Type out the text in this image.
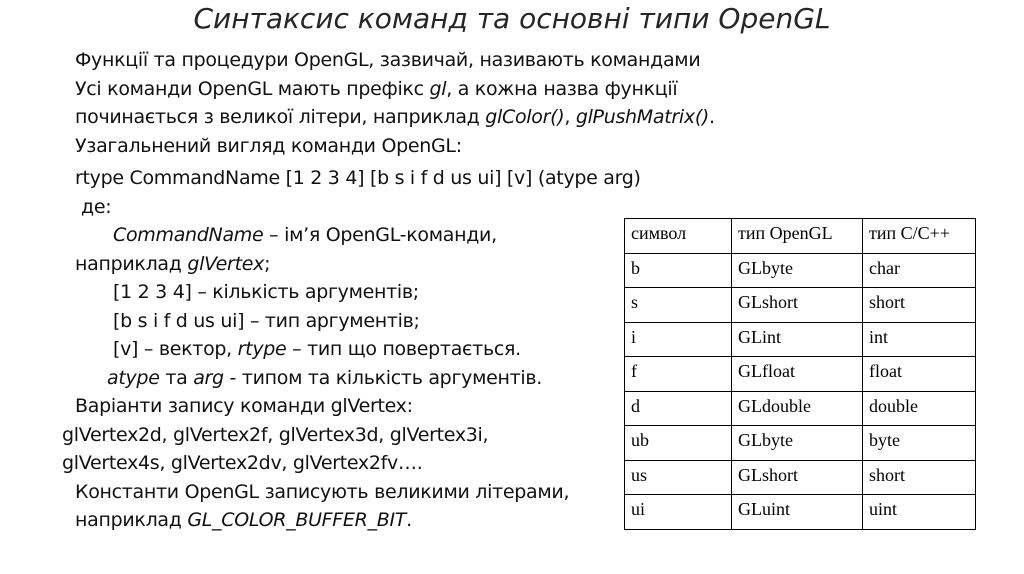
Синтаксис команд та основні типи OpenGL
Функції та процедури OpenGL, зазвичай, називають командами
Усі команди OpenGL мають префікс gl, а кожна назва функції
починається з великої літери, наприклад glColor(), glPushMatrix().
Узагальнений вигляд команди OpenGL:
rtype CommandName [1 2 3 4] [b s i f d us ui] [v] (atype arg)
де:
CommandName – ім’я OpenGL-команди,
наприклад glVertex;
[1 2 3 4] – кількість аргументів;
[b s i f d us ui] – тип аргументів;
[v] – вектор, rtype – тип що повертається.
atype та arg - типом та кількість аргументів.
Варіанти запису команди glVertex:
glVertex2d, glVertex2f, glVertex3d, glVertex3i,
glVertex4s, glVertex2dv, glVertex2fv….
Константи OpenGL записують великими літерами,
наприклад GL_COLOR_BUFFER_BIT.
символ	тип OpenGL	тип C/C++
b	GLbyte	char
s	GLshort	short
i	GLint	int
f	GLfloat	float
d	GLdouble	double
ub	GLbyte	byte
us	GLshort	short
ui	GLuint	uint
